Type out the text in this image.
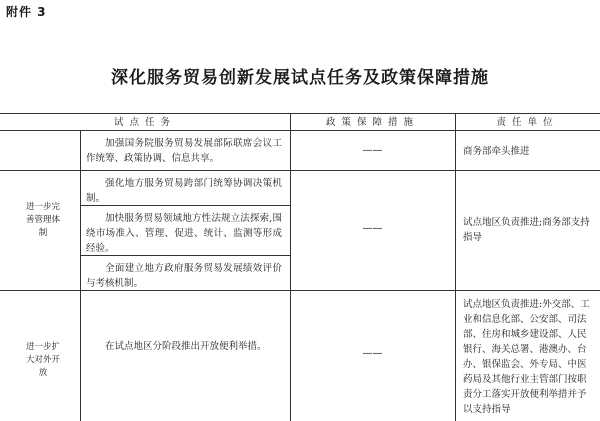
附件 3
深化服务贸易创新发展试点任务及政策保障措施
试点任务	政策保障措施	责任单位
进一步完善管理体制
进一步扩大对外开放
加强国务院服务贸易发展部际联席会议工作统筹、政策协调、信息共享。
强化地方服务贸易跨部门统筹协调决策机制。
加快服务贸易领域地方性法规立法探索,围绕市场准入、管理、促进、统计、监测等形成经验。
全面建立地方政府服务贸易发展绩效评价与考核机制。
在试点地区分阶段推出开放便利举措。
——
——
——
商务部牵头推进
试点地区负责推进;商务部支持指导
试点地区负责推进:外交部、工业和信息化部、公安部、司法部、住房和城乡建设部、人民银行、海关总署、港澳办、台办、银保监会、外专局、中医药局及其他行业主管部门按职责分工落实开放便利举措并予以支持指导
